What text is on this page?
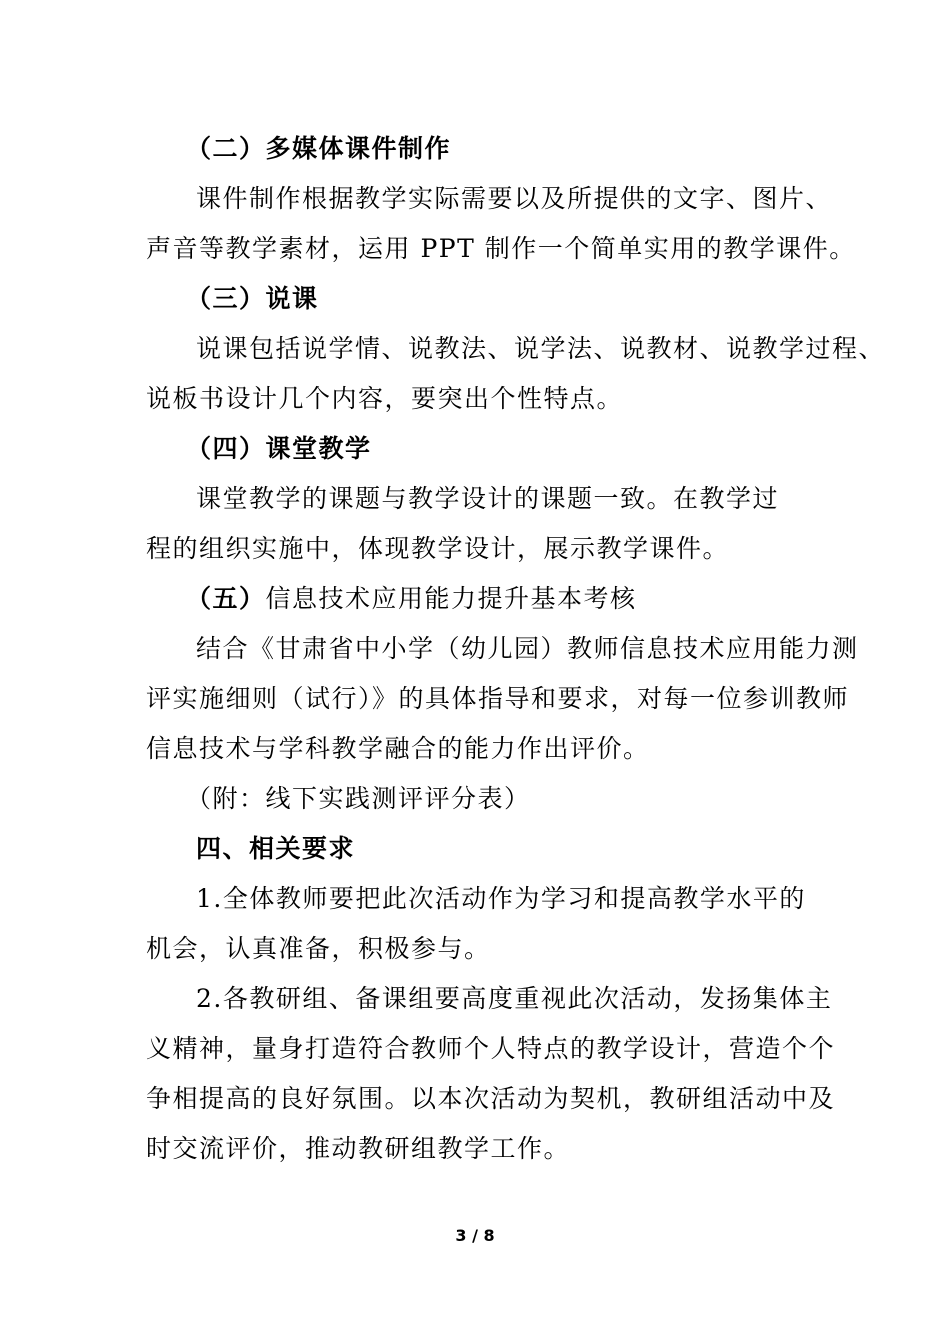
（二）多媒体课件制作
课件制作根据教学实际需要以及所提供的文字、图片、
声音等教学素材，运用 PPT 制作一个简单实用的教学课件。
（三）说课
说课包括说学情、说教法、说学法、说教材、说教学过程、
说板书设计几个内容，要突出个性特点。
（四）课堂教学
课堂教学的课题与教学设计的课题一致。在教学过
程的组织实施中，体现教学设计，展示教学课件。
（五）信息技术应用能力提升基本考核
结合《甘肃省中小学（幼儿园）教师信息技术应用能力测
评实施细则（试行）》的具体指导和要求，对每一位参训教师
信息技术与学科教学融合的能力作出评价。
（附：线下实践测评评分表）
四、相关要求
1.全体教师要把此次活动作为学习和提高教学水平的
机会，认真准备，积极参与。
2.各教研组、备课组要高度重视此次活动，发扬集体主
义精神，量身打造符合教师个人特点的教学设计，营造个个
争相提高的良好氛围。以本次活动为契机，教研组活动中及
时交流评价，推动教研组教学工作。
3 / 8
